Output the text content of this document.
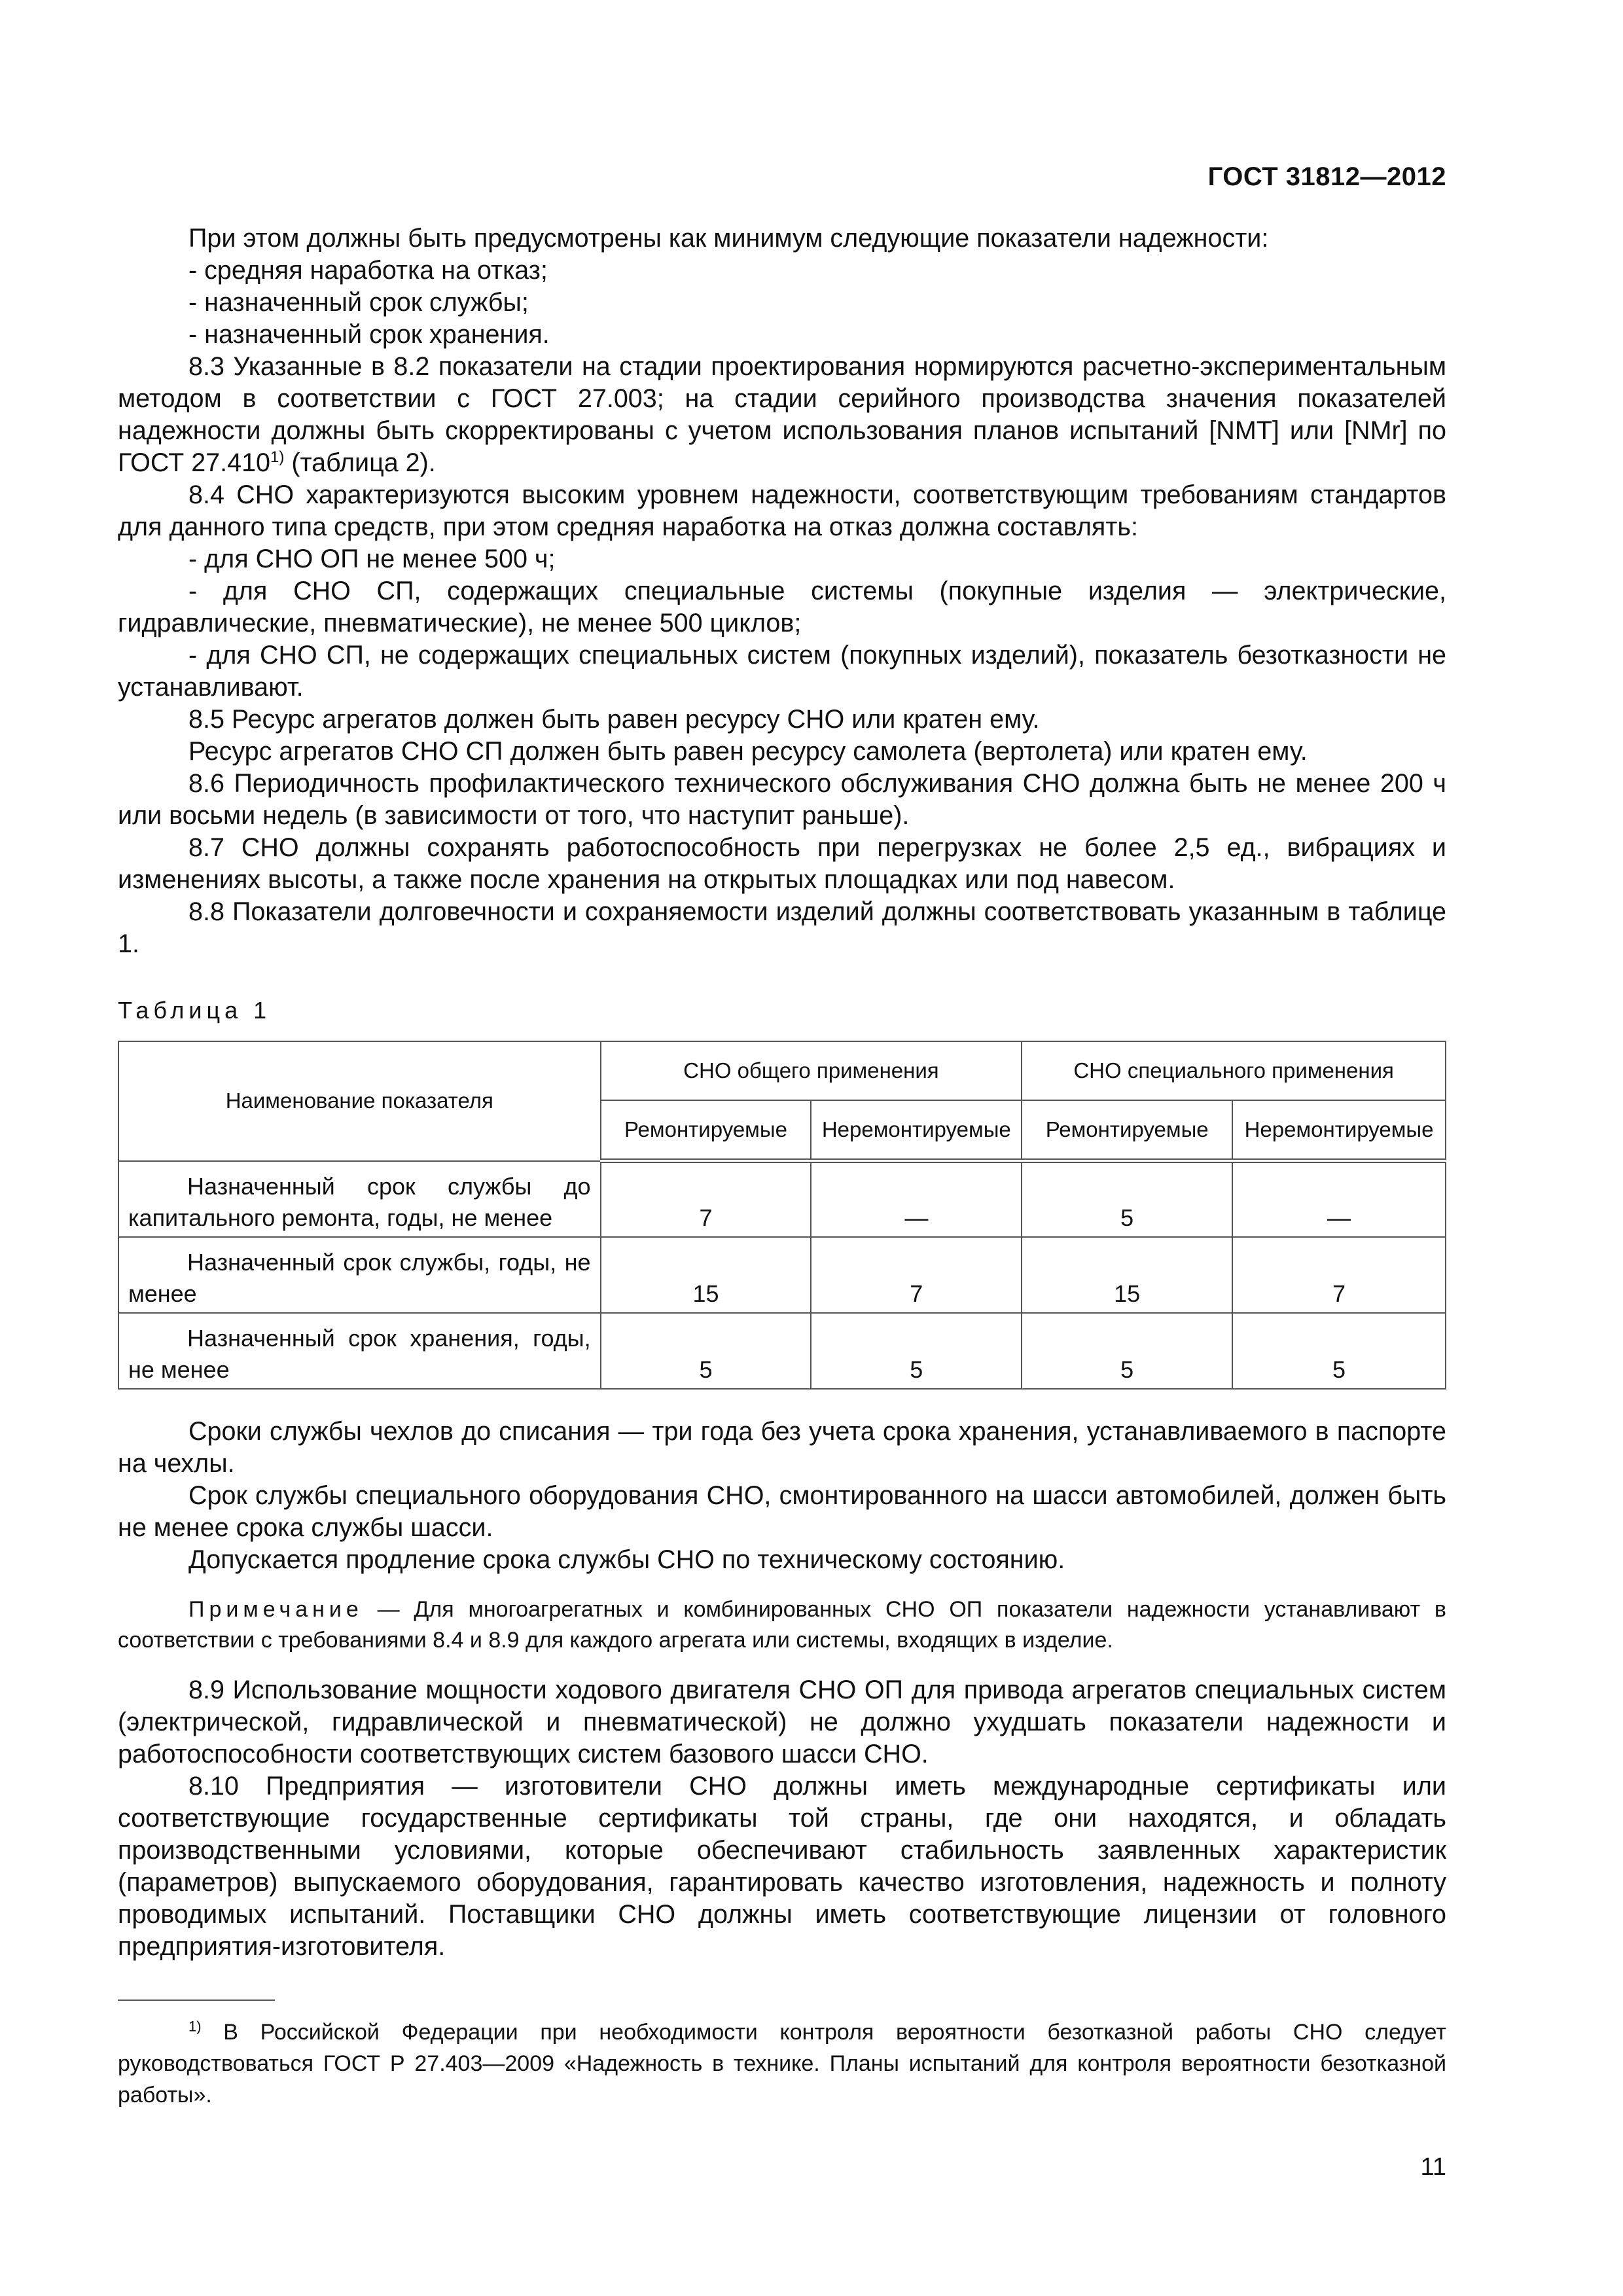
ГОСТ 31812—2012

При этом должны быть предусмотрены как минимум следующие показатели надежности:

- средняя наработка на отказ;

- назначенный срок службы;

- назначенный срок хранения.

8.3 Указанные в 8.2 показатели на стадии проектирования нормируются расчетно-экспериментальным методом в соответствии с ГОСТ 27.003; на стадии серийного производства значения показателей надежности должны быть скорректированы с учетом использования планов испытаний [NMT] или [NMr] по ГОСТ 27.410$^{1)}$ (таблица 2).

8.4 СНО характеризуются высоким уровнем надежности, соответствующим требованиям стандартов для данного типа средств, при этом средняя наработка на отказ должна составлять:

- для СНО ОП не менее 500 ч;

- для СНО СП, содержащих специальные системы (покупные изделия — электрические, гидравлические, пневматические), не менее 500 циклов;

- для СНО СП, не содержащих специальных систем (покупных изделий), показатель безотказности не устанавливают.

8.5 Ресурс агрегатов должен быть равен ресурсу СНО или кратен ему.

Ресурс агрегатов СНО СП должен быть равен ресурсу самолета (вертолета) или кратен ему.

8.6 Периодичность профилактического технического обслуживания СНО должна быть не менее 200 ч или восьми недель (в зависимости от того, что наступит раньше).

8.7 СНО должны сохранять работоспособность при перегрузках не более 2,5 ед., вибрациях и изменениях высоты, а также после хранения на открытых площадках или под навесом.

8.8 Показатели долговечности и сохраняемости изделий должны соответствовать указанным в таблице 1.

Таблица 1
Наименование показателя	СНО общего применения		СНО специального применения	
	Ремонтируемые	Неремонтируемые	Ремонтируемые	Неремонтируемые
Назначенный срок службы до капитального ремонта, годы, не менее	7	—	5	—
Назначенный срок службы, годы, не менее	15	7	15	7
Назначенный срок хранения, годы, не менее	5	5	5	5

Сроки службы чехлов до списания — три года без учета срока хранения, устанавливаемого в паспорте на чехлы.

Срок службы специального оборудования СНО, смонтированного на шасси автомобилей, должен быть не менее срока службы шасси.

Допускается продление срока службы СНО по техническому состоянию.

Примечание — Для многоагрегатных и комбинированных СНО ОП показатели надежности устанавливают в соответствии с требованиями 8.4 и 8.9 для каждого агрегата или системы, входящих в изделие.

8.9 Использование мощности ходового двигателя СНО ОП для привода агрегатов специальных систем (электрической, гидравлической и пневматической) не должно ухудшать показатели надежности и работоспособности соответствующих систем базового шасси СНО.

8.10 Предприятия — изготовители СНО должны иметь международные сертификаты или соответствующие государственные сертификаты той страны, где они находятся, и обладать производственными условиями, которые обеспечивают стабильность заявленных характеристик (параметров) выпускаемого оборудования, гарантировать качество изготовления, надежность и полноту проводимых испытаний. Поставщики СНО должны иметь соответствующие лицензии от головного предприятия-изготовителя.

$^{1)}$ В Российской Федерации при необходимости контроля вероятности безотказной работы СНО следует руководствоваться ГОСТ Р 27.403—2009 «Надежность в технике. Планы испытаний для контроля вероятности безотказной работы».
11
